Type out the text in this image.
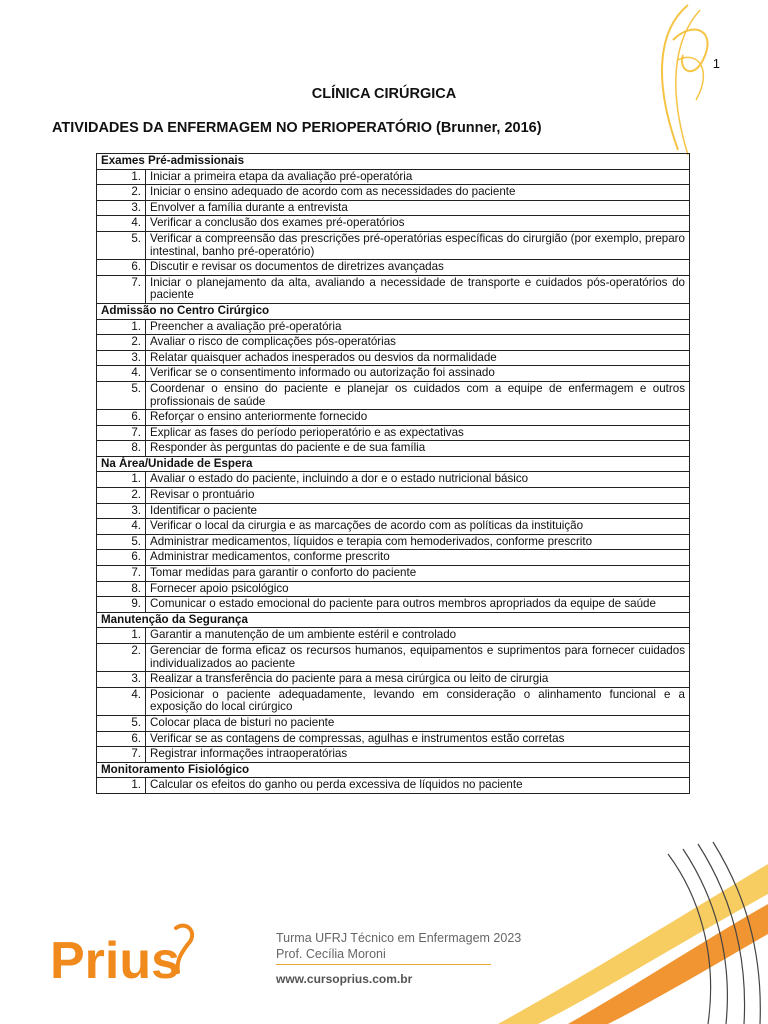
1
CLÍNICA CIRÚRGICA
ATIVIDADES DA ENFERMAGEM NO PERIOPERATÓRIO (Brunner, 2016)
Exames Pré-admissionais	
1.	Iniciar a primeira etapa da avaliação pré-operatória
2.	Iniciar o ensino adequado de acordo com as necessidades do paciente
3.	Envolver a família durante a entrevista
4.	Verificar a conclusão dos exames pré-operatórios
5.	Verificar a compreensão das prescrições pré-operatórias específicas do cirurgião (por exemplo, preparo intestinal, banho pré-operatório)
6.	Discutir e revisar os documentos de diretrizes avançadas
7.	Iniciar o planejamento da alta, avaliando a necessidade de transporte e cuidados pós-operatórios do paciente
Admissão no Centro Cirúrgico	
1.	Preencher a avaliação pré-operatória
2.	Avaliar o risco de complicações pós-operatórias
3.	Relatar quaisquer achados inesperados ou desvios da normalidade
4.	Verificar se o consentimento informado ou autorização foi assinado
5.	Coordenar o ensino do paciente e planejar os cuidados com a equipe de enfermagem e outros profissionais de saúde
6.	Reforçar o ensino anteriormente fornecido
7.	Explicar as fases do período perioperatório e as expectativas
8.	Responder às perguntas do paciente e de sua família
Na Área/Unidade de Espera	
1.	Avaliar o estado do paciente, incluindo a dor e o estado nutricional básico
2.	Revisar o prontuário
3.	Identificar o paciente
4.	Verificar o local da cirurgia e as marcações de acordo com as políticas da instituição
5.	Administrar medicamentos, líquidos e terapia com hemoderivados, conforme prescrito
6.	Administrar medicamentos, conforme prescrito
7.	Tomar medidas para garantir o conforto do paciente
8.	Fornecer apoio psicológico
9.	Comunicar o estado emocional do paciente para outros membros apropriados da equipe de saúde
Manutenção da Segurança	
1.	Garantir a manutenção de um ambiente estéril e controlado
2.	Gerenciar de forma eficaz os recursos humanos, equipamentos e suprimentos para fornecer cuidados individualizados ao paciente
3.	Realizar a transferência do paciente para a mesa cirúrgica ou leito de cirurgia
4.	Posicionar o paciente adequadamente, levando em consideração o alinhamento funcional e a exposição do local cirúrgico
5.	Colocar placa de bisturi no paciente
6.	Verificar se as contagens de compressas, agulhas e instrumentos estão corretas
7.	Registrar informações intraoperatórias
Monitoramento Fisiológico	
1.	Calcular os efeitos do ganho ou perda excessiva de líquidos no paciente
Prius	Turma UFRJ Técnico em Enfermagem 2023
Prof. Cecília Moroni
www.cursoprius.com.br
